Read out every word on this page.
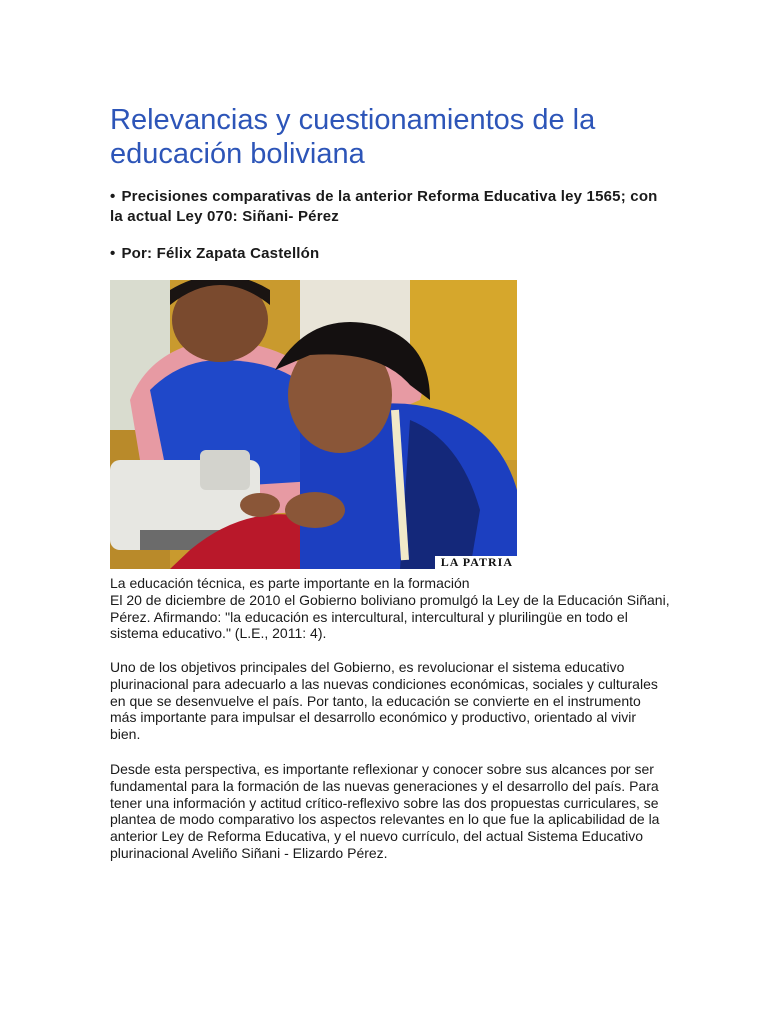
Relevancias y cuestionamientos de la educación boliviana
• Precisiones comparativas de la anterior Reforma Educativa ley 1565; con la actual Ley 070: Siñani- Pérez
• Por: Félix Zapata Castellón
LA PATRIA

La educación técnica, es parte importante en la formación

El 20 de diciembre de 2010 el Gobierno boliviano promulgó la Ley de la Educación Siñani, Pérez. Afirmando: "la educación es intercultural, intercultural y plurilingüe en todo el sistema educativo." (L.E., 2011: 4).

Uno de los objetivos principales del Gobierno, es revolucionar el sistema educativo plurinacional para adecuarlo a las nuevas condiciones económicas, sociales y culturales en que se desenvuelve el país. Por tanto, la educación se convierte en el instrumento más importante para impulsar el desarrollo económico y productivo, orientado al vivir bien.

Desde esta perspectiva, es importante reflexionar y conocer sobre sus alcances por ser fundamental para la formación de las nuevas generaciones y el desarrollo del país. Para tener una información y actitud crítico-reflexivo sobre las dos propuestas curriculares, se plantea de modo comparativo los aspectos relevantes en lo que fue la aplicabilidad de la anterior Ley de Reforma Educativa, y el nuevo currículo, del actual Sistema Educativo plurinacional Aveliño Siñani - Elizardo Pérez.
